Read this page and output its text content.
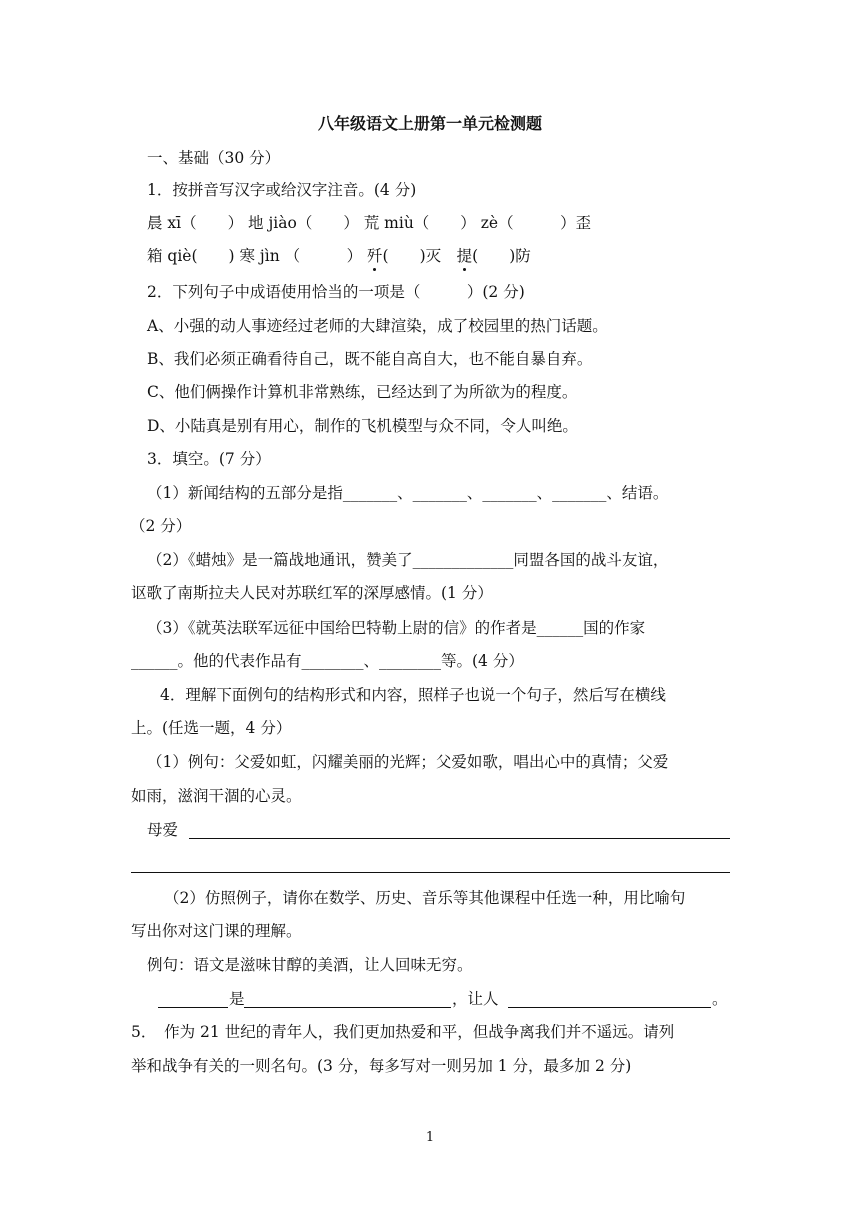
八年级语文上册第一单元检测题
一、基础（30 分）
1．按拼音写汉字或给汉字注音。(4 分)
晨 xī（　　） 地 jiào（　　） 荒 miù（　　） zè（　　　）歪
箱 qiè(　　) 寒 jìn （　　　） 歼(　　)灭　提(　　)防
2．下列句子中成语使用恰当的一项是（　　　）(2 分)
A、小强的动人事迹经过老师的大肆渲染，成了校园里的热门话题。
B、我们必须正确看待自己，既不能自高自大，也不能自暴自弃。
C、他们俩操作计算机非常熟练，已经达到了为所欲为的程度。
D、小陆真是别有用心，制作的飞机模型与众不同，令人叫绝。
3．填空。(7 分）
（1）新闻结构的五部分是指_______、_______、_______、_______、结语。
（2 分）
（2）《蜡烛》是一篇战地通讯，赞美了_____________同盟各国的战斗友谊，
讴歌了南斯拉夫人民对苏联红军的深厚感情。(1 分）
（3）《就英法联军远征中国给巴特勒上尉的信》的作者是______国的作家
______。他的代表作品有________、________等。(4 分）
4．理解下面例句的结构形式和内容，照样子也说一个句子，然后写在横线
上。(任选一题，4 分）
（1）例句：父爱如虹，闪耀美丽的光辉；父爱如歌，唱出心中的真情；父爱
如雨，滋润干涸的心灵。
母爱
（2）仿照例子，请你在数学、历史、音乐等其他课程中任选一种，用比喻句
写出你对这门课的理解。
例句：语文是滋味甘醇的美酒，让人回味无穷。
是	，让人	。
5．　作为 21 世纪的青年人，我们更加热爱和平，但战争离我们并不遥远。请列
举和战争有关的一则名句。(3 分，每多写对一则另加 1 分，最多加 2 分)
1
